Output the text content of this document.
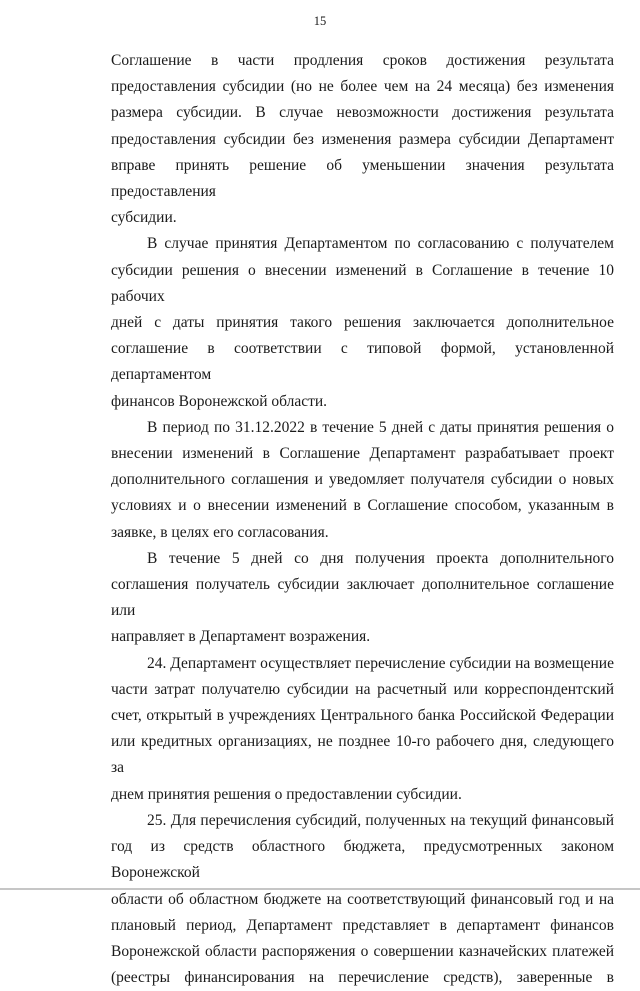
15

Соглашение в части продления сроков достижения результата
предоставления субсидии (но не более чем на 24 месяца) без изменения
размера субсидии. В случае невозможности достижения результата
предоставления субсидии без изменения размера субсидии Департамент
вправе принять решение об уменьшении значения результата предоставления
субсидии.

В случае принятия Департаментом по согласованию с получателем
субсидии решения о внесении изменений в Соглашение в течение 10 рабочих
дней с даты принятия такого решения заключается дополнительное
соглашение в соответствии с типовой формой, установленной департаментом
финансов Воронежской области.

В период по 31.12.2022 в течение 5 дней с даты принятия решения о
внесении изменений в Соглашение Департамент разрабатывает проект
дополнительного соглашения и уведомляет получателя субсидии о новых
условиях и о внесении изменений в Соглашение способом, указанным в
заявке, в целях его согласования.

В течение 5 дней со дня получения проекта дополнительного
соглашения получатель субсидии заключает дополнительное соглашение или
направляет в Департамент возражения.

24. Департамент осуществляет перечисление субсидии на возмещение
части затрат получателю субсидии на расчетный или корреспондентский
счет, открытый в учреждениях Центрального банка Российской Федерации
или кредитных организациях, не позднее 10-го рабочего дня, следующего за
днем принятия решения о предоставлении субсидии.

25. Для перечисления субсидий, полученных на текущий финансовый
год из средств областного бюджета, предусмотренных законом Воронежской
области об областном бюджете на соответствующий финансовый год и на
плановый период, Департамент представляет в департамент финансов
Воронежской области распоряжения о совершении казначейских платежей
(реестры финансирования на перечисление средств), заверенные в
